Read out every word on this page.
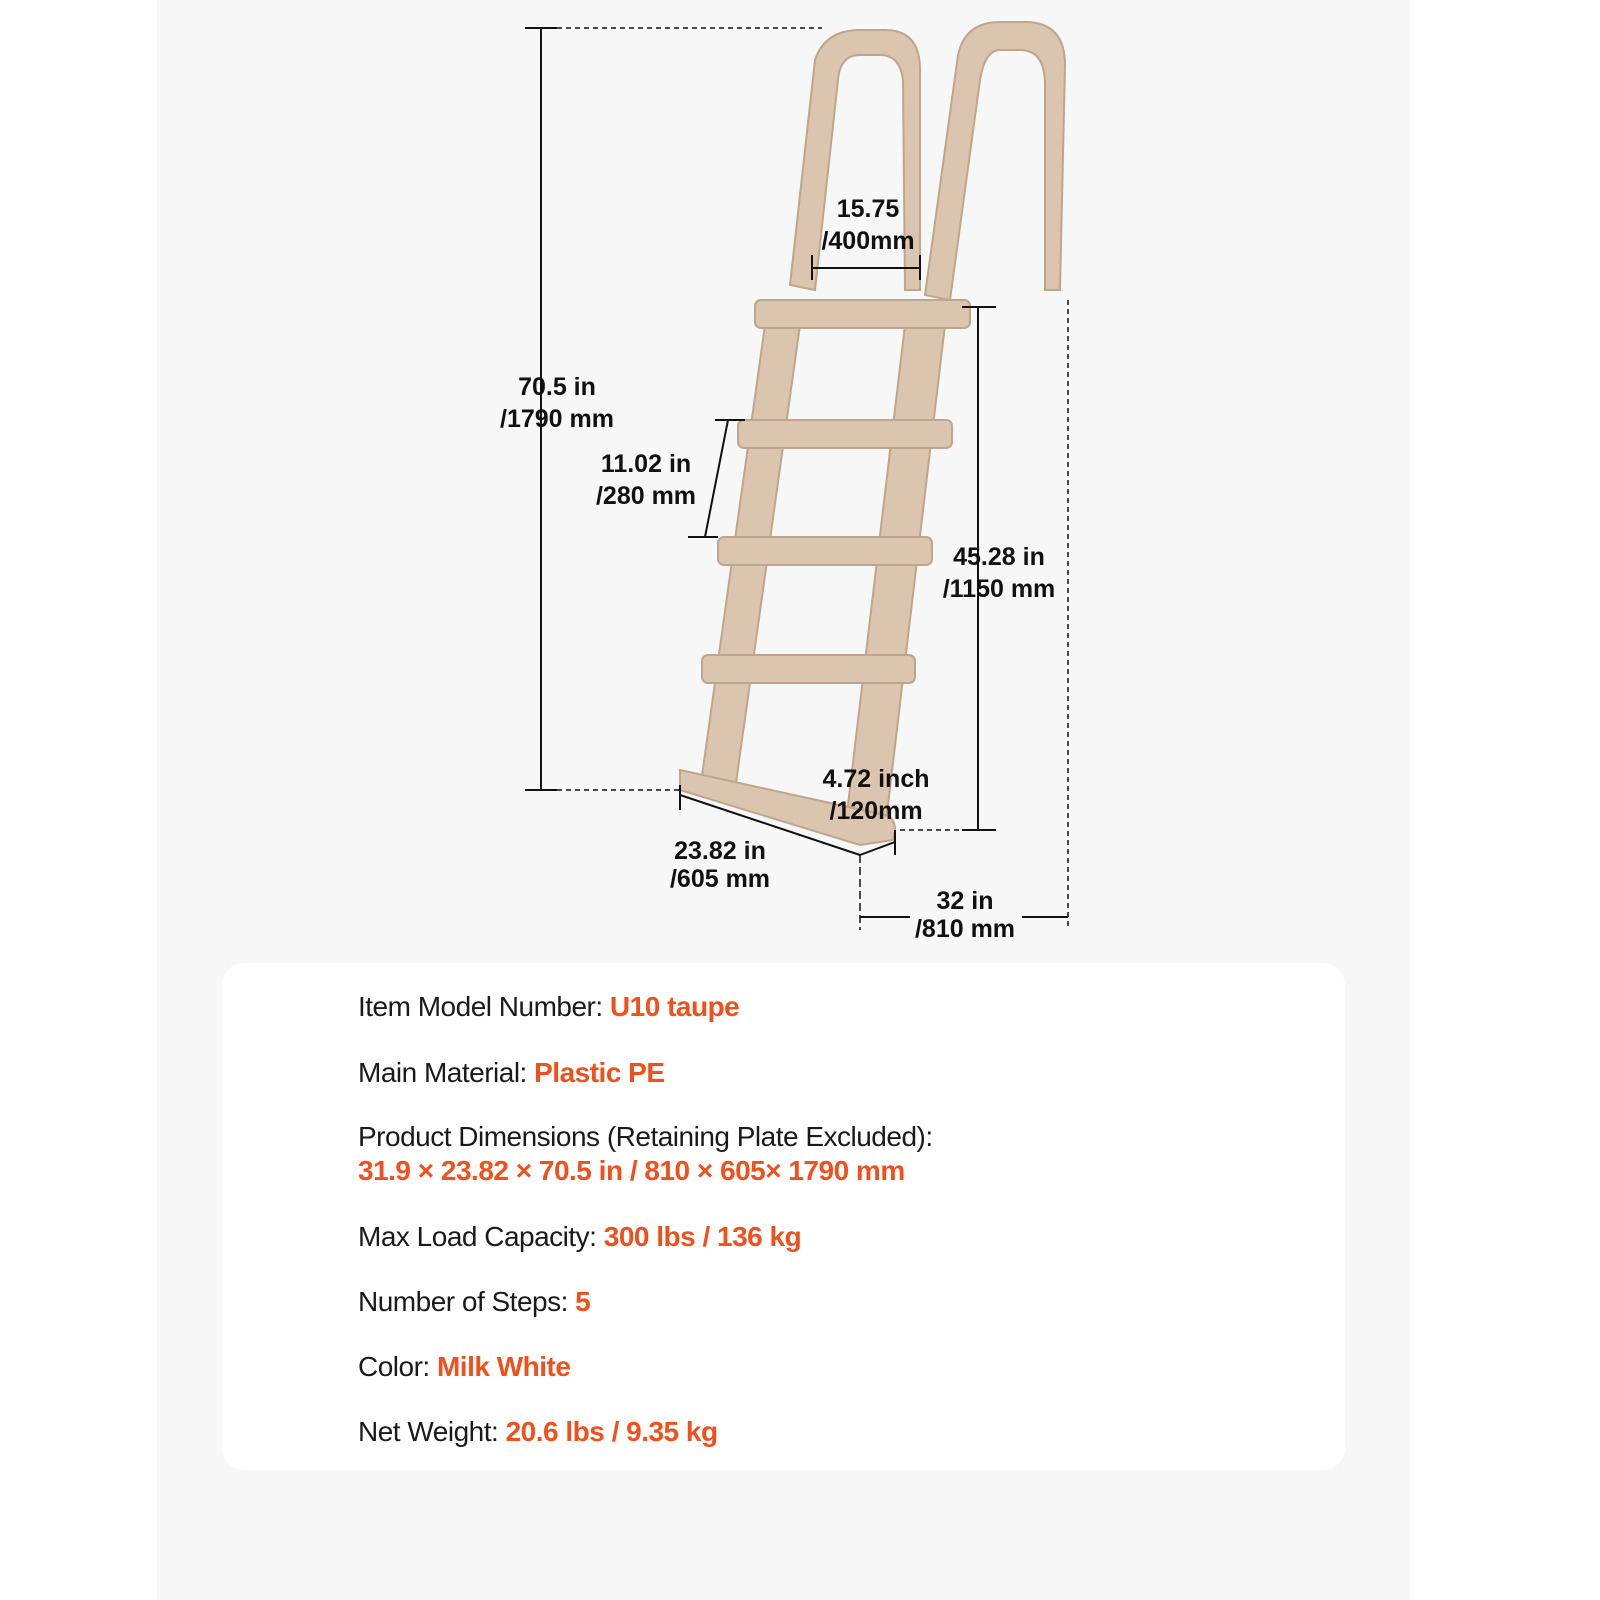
70.5 in
/1790 mm
15.75
/400mm
11.02 in
/280 mm
45.28 in
/1150 mm
4.72 inch
/120mm
23.82 in
/605 mm
32 in
/810 mm
Item Model Number: U10 taupe
Main Material: Plastic PE
Product Dimensions (Retaining Plate Excluded):
31.9 × 23.82 × 70.5 in / 810 × 605× 1790 mm
Max Load Capacity: 300 lbs / 136 kg
Number of Steps: 5
Color: Milk White
Net Weight: 20.6 lbs / 9.35 kg
